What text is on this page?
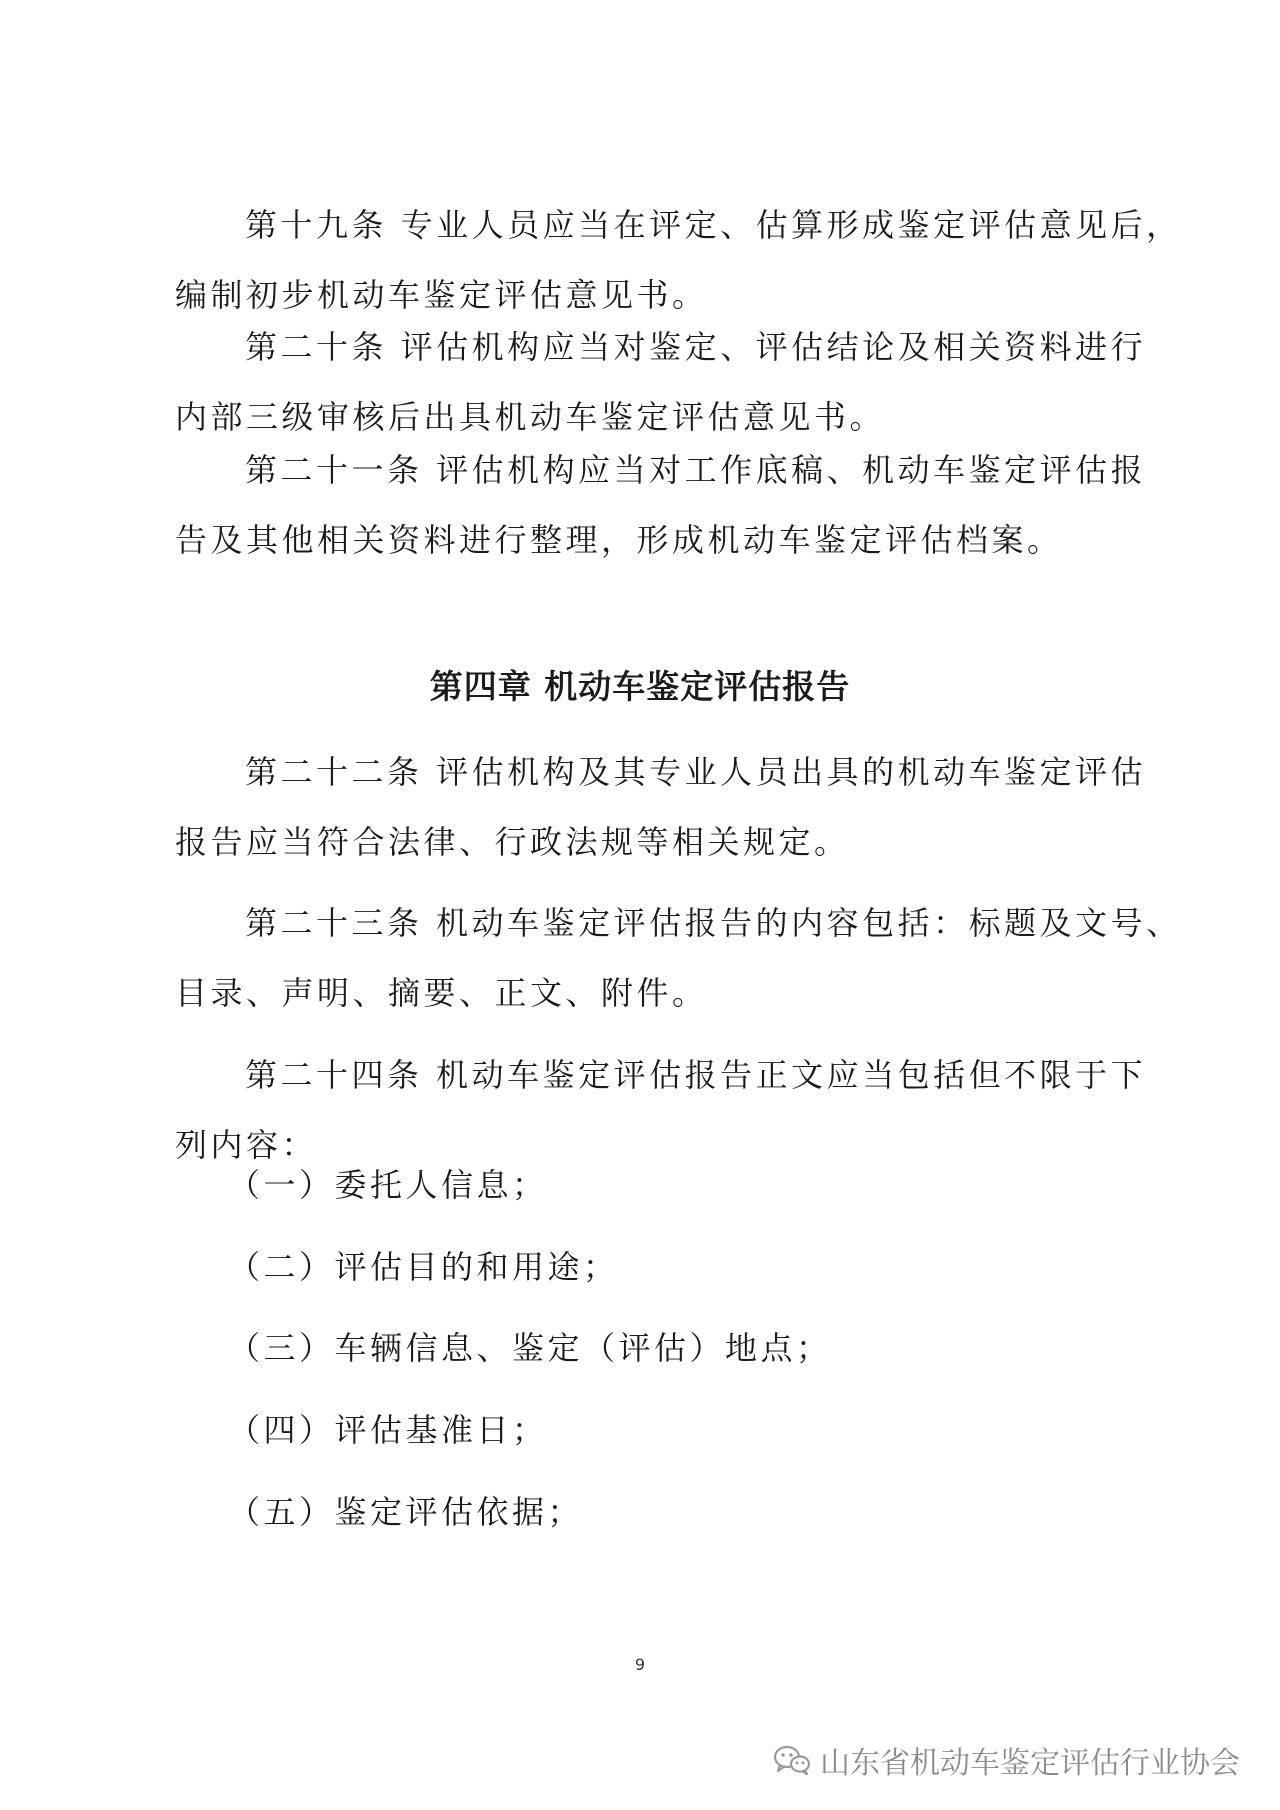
第十九条 专业人员应当在评定、估算形成鉴定评估意见后，
编制初步机动车鉴定评估意见书。
第二十条 评估机构应当对鉴定、评估结论及相关资料进行
内部三级审核后出具机动车鉴定评估意见书。
第二十一条 评估机构应当对工作底稿、机动车鉴定评估报
告及其他相关资料进行整理，形成机动车鉴定评估档案。
第四章 机动车鉴定评估报告
第二十二条 评估机构及其专业人员出具的机动车鉴定评估
报告应当符合法律、行政法规等相关规定。
第二十三条 机动车鉴定评估报告的内容包括：标题及文号、
目录、声明、摘要、正文、附件。
第二十四条 机动车鉴定评估报告正文应当包括但不限于下
列内容：
（一）委托人信息；
（二）评估目的和用途；
（三）车辆信息、鉴定（评估）地点；
（四）评估基准日；
（五）鉴定评估依据；
9
山东省机动车鉴定评估行业协会
